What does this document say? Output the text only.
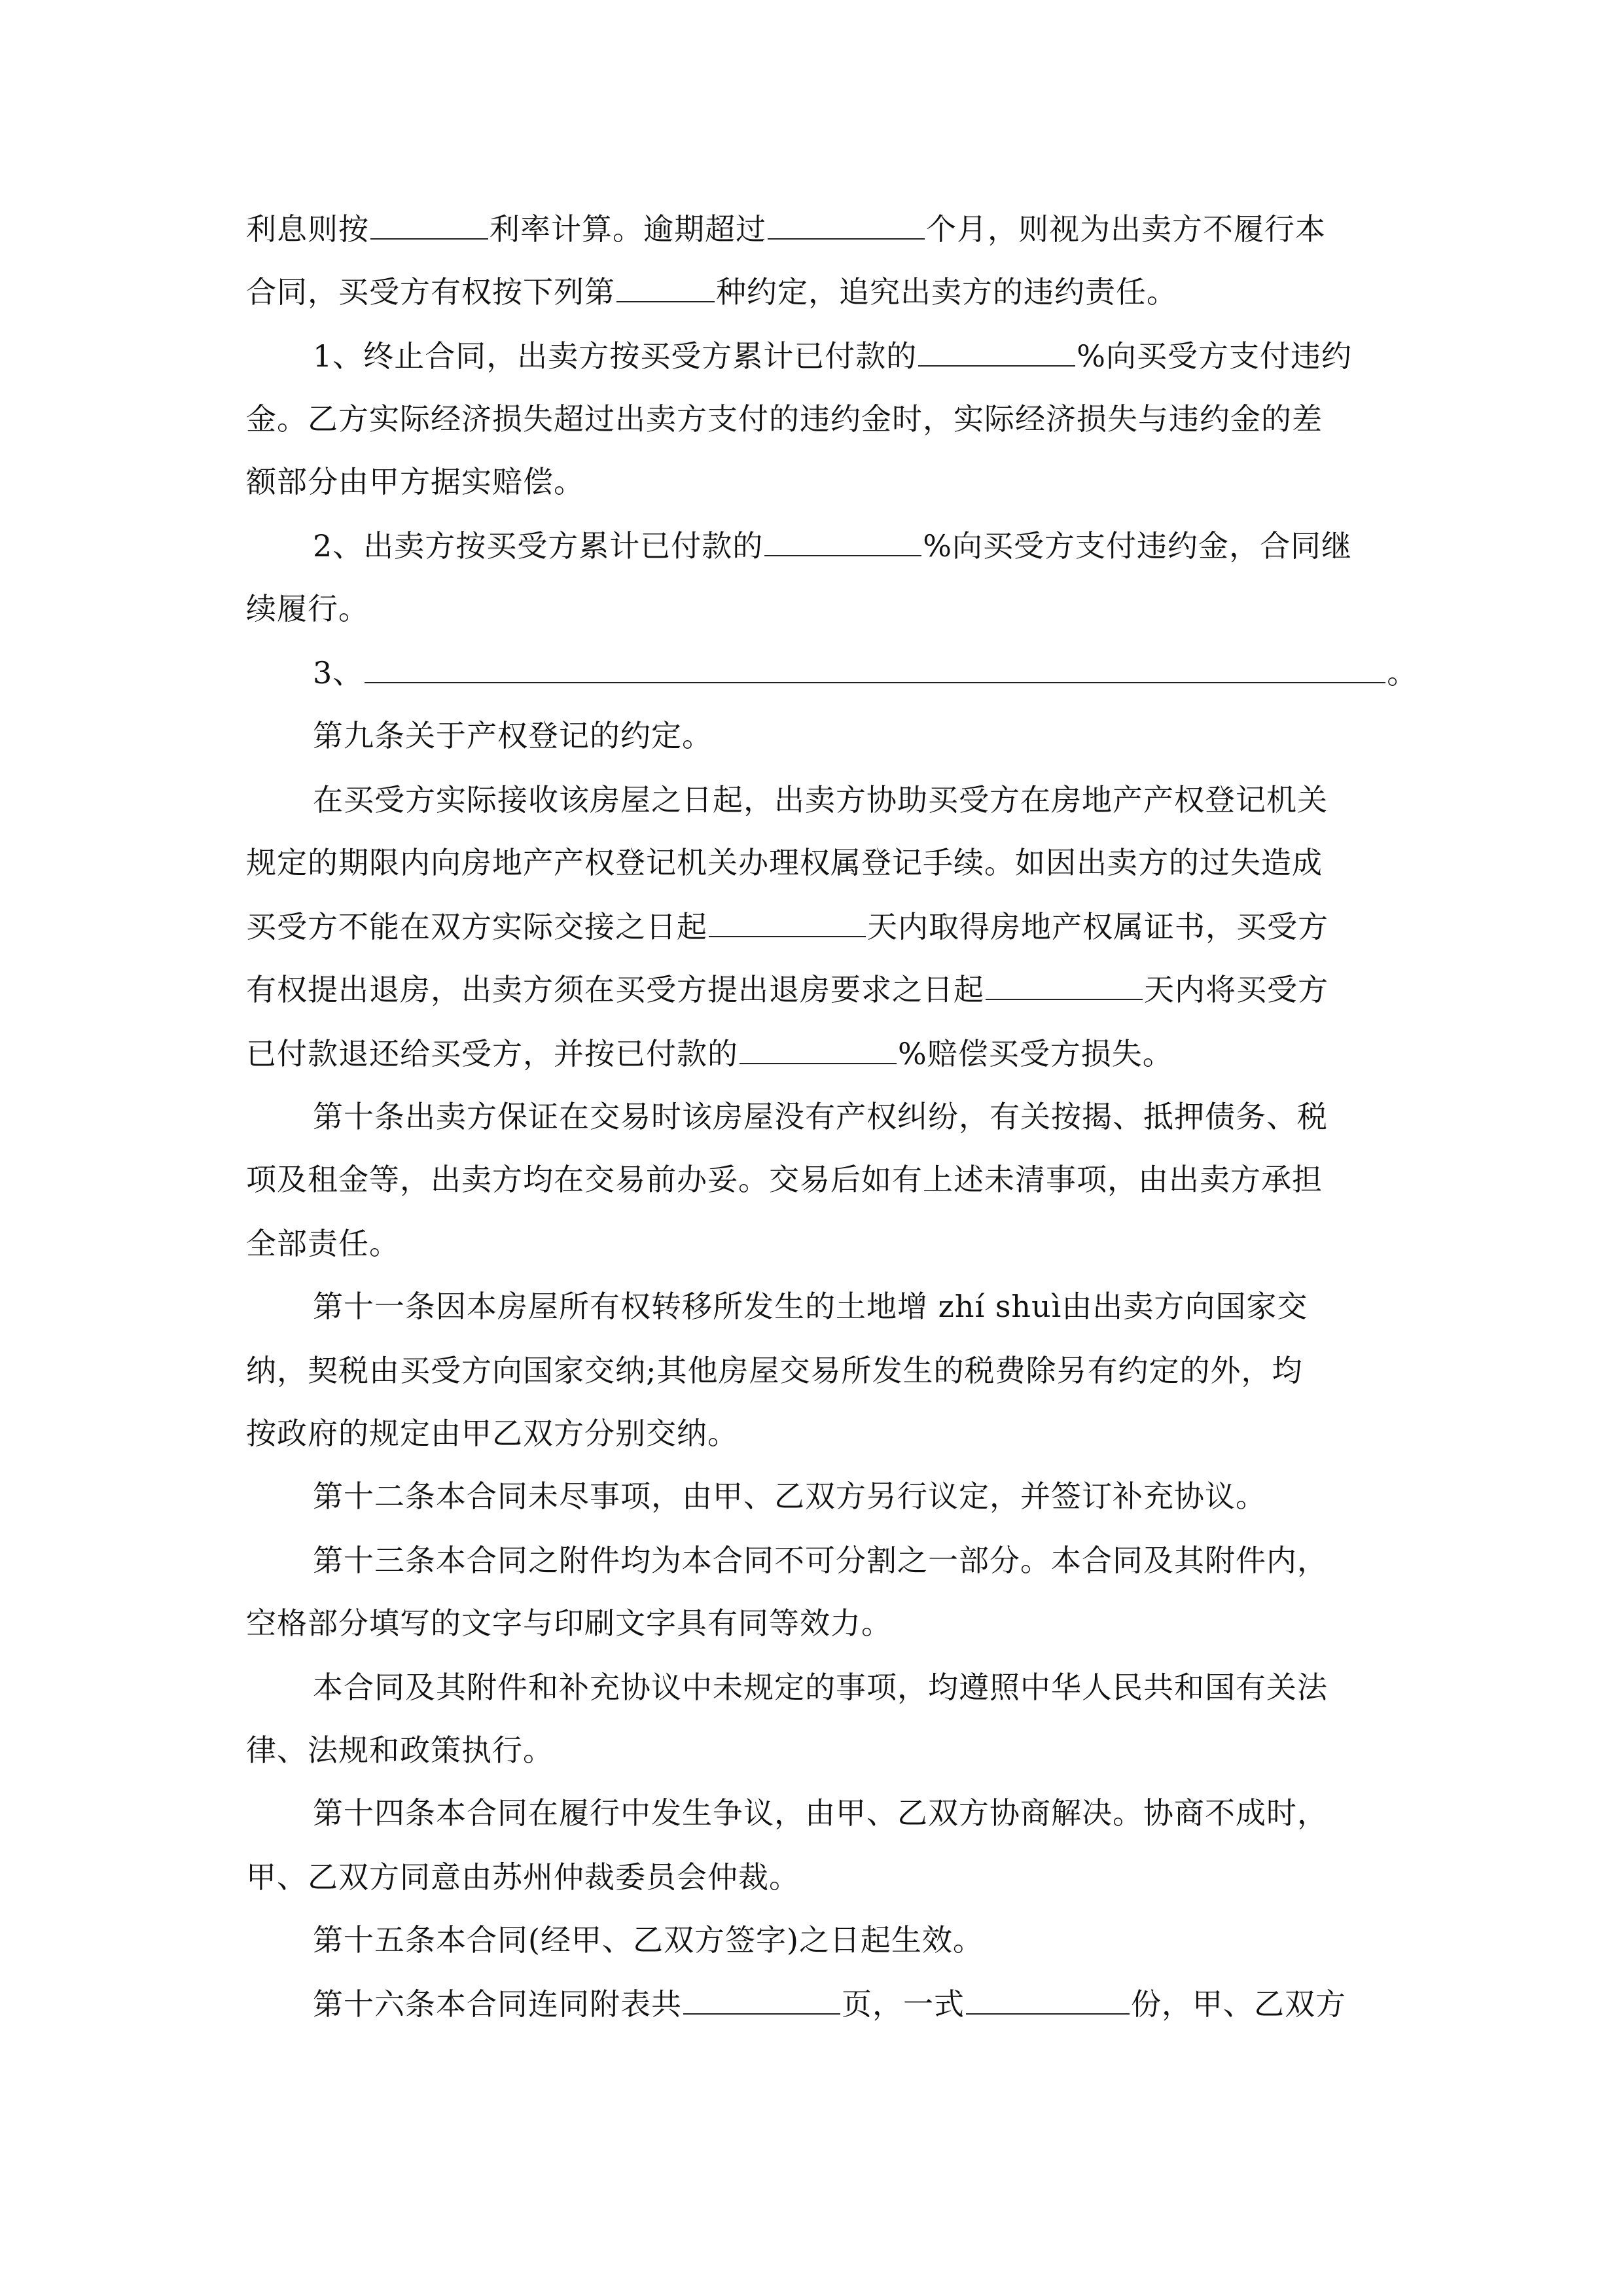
利息则按	利率计算。逾期超过	个月，则视为出卖方不履行本
合同，买受方有权按下列第	种约定，追究出卖方的违约责任。
1、终止合同，出卖方按买受方累计已付款的	%向买受方支付违约
金。乙方实际经济损失超过出卖方支付的违约金时，实际经济损失与违约金的差
额部分由甲方据实赔偿。
2、出卖方按买受方累计已付款的	%向买受方支付违约金，合同继
续履行。
3、	。
第九条关于产权登记的约定。
在买受方实际接收该房屋之日起，出卖方协助买受方在房地产产权登记机关
规定的期限内向房地产产权登记机关办理权属登记手续。如因出卖方的过失造成
买受方不能在双方实际交接之日起	天内取得房地产权属证书，买受方
有权提出退房，出卖方须在买受方提出退房要求之日起	天内将买受方
已付款退还给买受方，并按已付款的	%赔偿买受方损失。
第十条出卖方保证在交易时该房屋没有产权纠纷，有关按揭、抵押债务、税
项及租金等，出卖方均在交易前办妥。交易后如有上述未清事项，由出卖方承担
全部责任。
第十一条因本房屋所有权转移所发生的土地增 zhí shuì由出卖方向国家交
纳，契税由买受方向国家交纳;其他房屋交易所发生的税费除另有约定的外，均
按政府的规定由甲乙双方分别交纳。
第十二条本合同未尽事项，由甲、乙双方另行议定，并签订补充协议。
第十三条本合同之附件均为本合同不可分割之一部分。本合同及其附件内，
空格部分填写的文字与印刷文字具有同等效力。
本合同及其附件和补充协议中未规定的事项，均遵照中华人民共和国有关法
律、法规和政策执行。
第十四条本合同在履行中发生争议，由甲、乙双方协商解决。协商不成时，
甲、乙双方同意由苏州仲裁委员会仲裁。
第十五条本合同(经甲、乙双方签字)之日起生效。
第十六条本合同连同附表共	页，一式	份，甲、乙双方
